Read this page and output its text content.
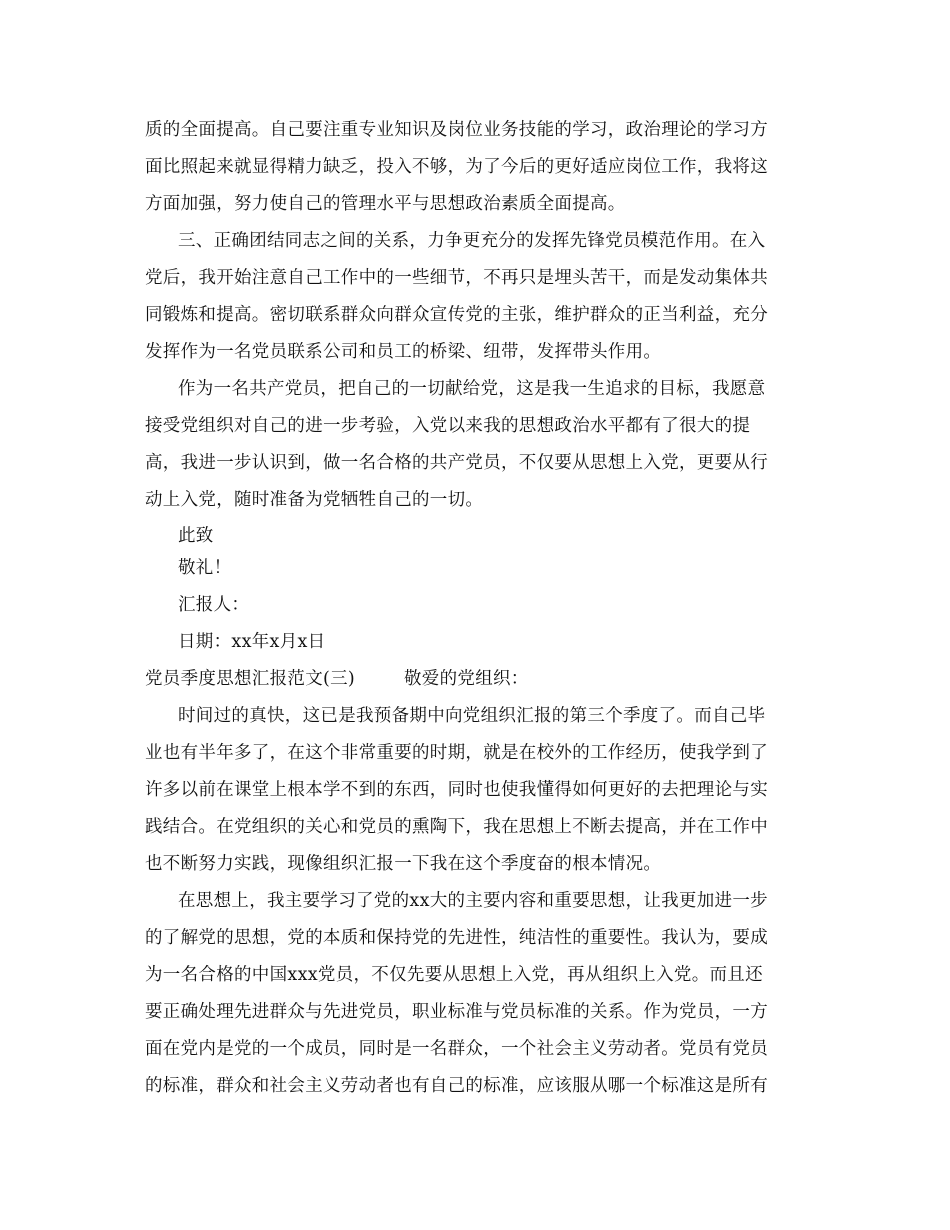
质的全面提高。自己要注重专业知识及岗位业务技能的学习，政治理论的学习方
面比照起来就显得精力缺乏，投入不够，为了今后的更好适应岗位工作，我将这
方面加强，努力使自己的管理水平与思想政治素质全面提高。
三、正确团结同志之间的关系，力争更充分的发挥先锋党员模范作用。在入
党后，我开始注意自己工作中的一些细节，不再只是埋头苦干，而是发动集体共
同锻炼和提高。密切联系群众向群众宣传党的主张，维护群众的正当利益，充分
发挥作为一名党员联系公司和员工的桥梁、纽带，发挥带头作用。
作为一名共产党员，把自己的一切献给党，这是我一生追求的目标，我愿意
接受党组织对自己的进一步考验，入党以来我的思想政治水平都有了很大的提
高，我进一步认识到，做一名合格的共产党员，不仅要从思想上入党，更要从行
动上入党，随时准备为党牺牲自己的一切。
此致
敬礼！
汇报人：
日期：xx年x月x日
党员季度思想汇报范文(三)	敬爱的党组织：
时间过的真快，这已是我预备期中向党组织汇报的第三个季度了。而自己毕
业也有半年多了，在这个非常重要的时期，就是在校外的工作经历，使我学到了
许多以前在课堂上根本学不到的东西，同时也使我懂得如何更好的去把理论与实
践结合。在党组织的关心和党员的熏陶下，我在思想上不断去提高，并在工作中
也不断努力实践，现像组织汇报一下我在这个季度奋的根本情况。
在思想上，我主要学习了党的xx大的主要内容和重要思想，让我更加进一步
的了解党的思想，党的本质和保持党的先进性，纯洁性的重要性。我认为，要成
为一名合格的中国xxx党员，不仅先要从思想上入党，再从组织上入党。而且还
要正确处理先进群众与先进党员，职业标准与党员标准的关系。作为党员，一方
面在党内是党的一个成员，同时是一名群众，一个社会主义劳动者。党员有党员
的标准，群众和社会主义劳动者也有自己的标准，应该服从哪一个标准这是所有
